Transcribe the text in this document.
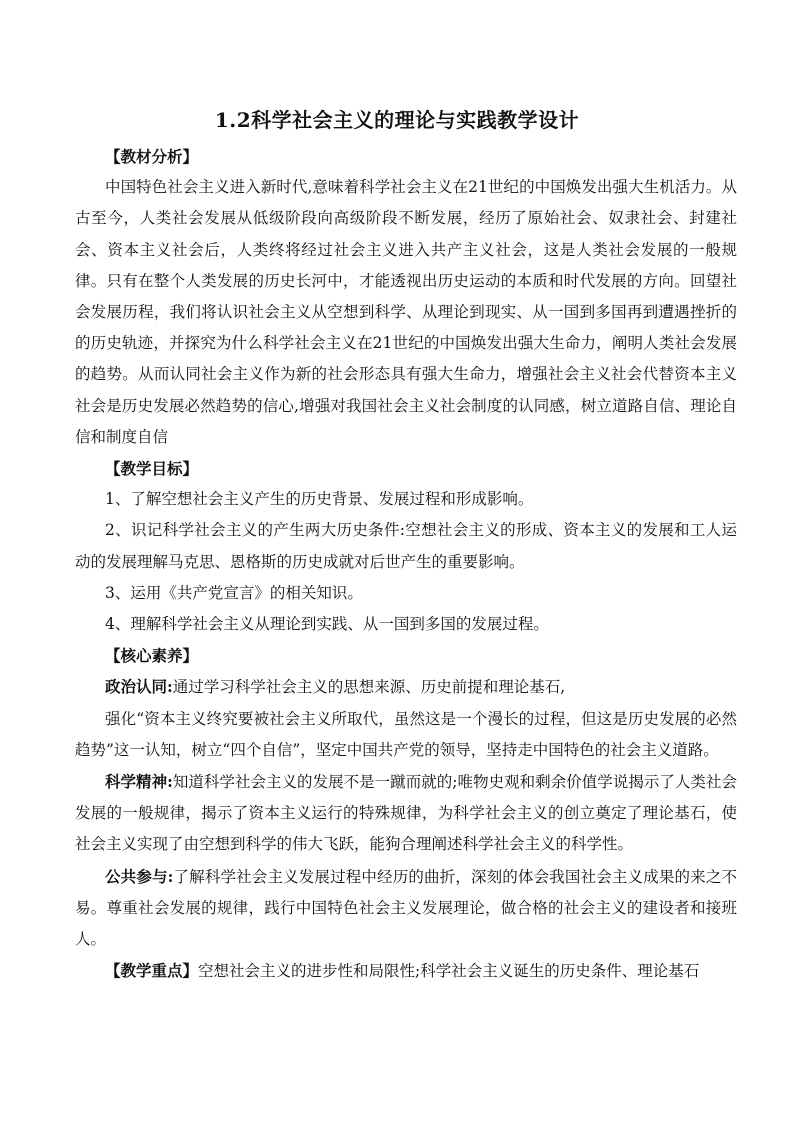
1.2科学社会主义的理论与实践教学设计

【教材分析】

中国特色社会主义进入新时代,意味着科学社会主义在21世纪的中国焕发出强大生机活力。从古至今，人类社会发展从低级阶段向高级阶段不断发展，经历了原始社会、奴隶社会、封建社会、资本主义社会后，人类终将经过社会主义进入共产主义社会，这是人类社会发展的一般规律。只有在整个人类发展的历史长河中，才能透视出历史运动的本质和时代发展的方向。回望社会发展历程，我们将认识社会主义从空想到科学、从理论到现实、从一国到多国再到遭遇挫折的的历史轨迹，并探究为什么科学社会主义在21世纪的中国焕发出强大生命力，阐明人类社会发展的趋势。从而认同社会主义作为新的社会形态具有强大生命力，增强社会主义社会代替资本主义社会是历史发展必然趋势的信心,增强对我国社会主义社会制度的认同感，树立道路自信、理论自信和制度自信

【教学目标】

1、了解空想社会主义产生的历史背景、发展过程和形成影响。

2、识记科学社会主义的产生两大历史条件:空想社会主义的形成、资本主义的发展和工人运动的发展理解马克思、恩格斯的历史成就对后世产生的重要影响。

3、运用《共产党宣言》的相关知识。

4、理解科学社会主义从理论到实践、从一国到多国的发展过程。

【核心素养】

政治认同:通过学习科学社会主义的思想来源、历史前提和理论基石,

强化“资本主义终究要被社会主义所取代，虽然这是一个漫长的过程，但这是历史发展的必然趋势”这一认知，树立“四个自信”，坚定中国共产党的领导，坚持走中国特色的社会主义道路。

科学精神:知道科学社会主义的发展不是一蹴而就的;唯物史观和剩余价值学说揭示了人类社会发展的一般规律，揭示了资本主义运行的特殊规律，为科学社会主义的创立奠定了理论基石，使社会主义实现了由空想到科学的伟大飞跃，能狗合理阐述科学社会主义的科学性。

公共参与:了解科学社会主义发展过程中经历的曲折，深刻的体会我国社会主义成果的来之不易。尊重社会发展的规律，践行中国特色社会主义发展理论，做合格的社会主义的建设者和接班人。

【教学重点】空想社会主义的进步性和局限性;科学社会主义诞生的历史条件、理论基石
